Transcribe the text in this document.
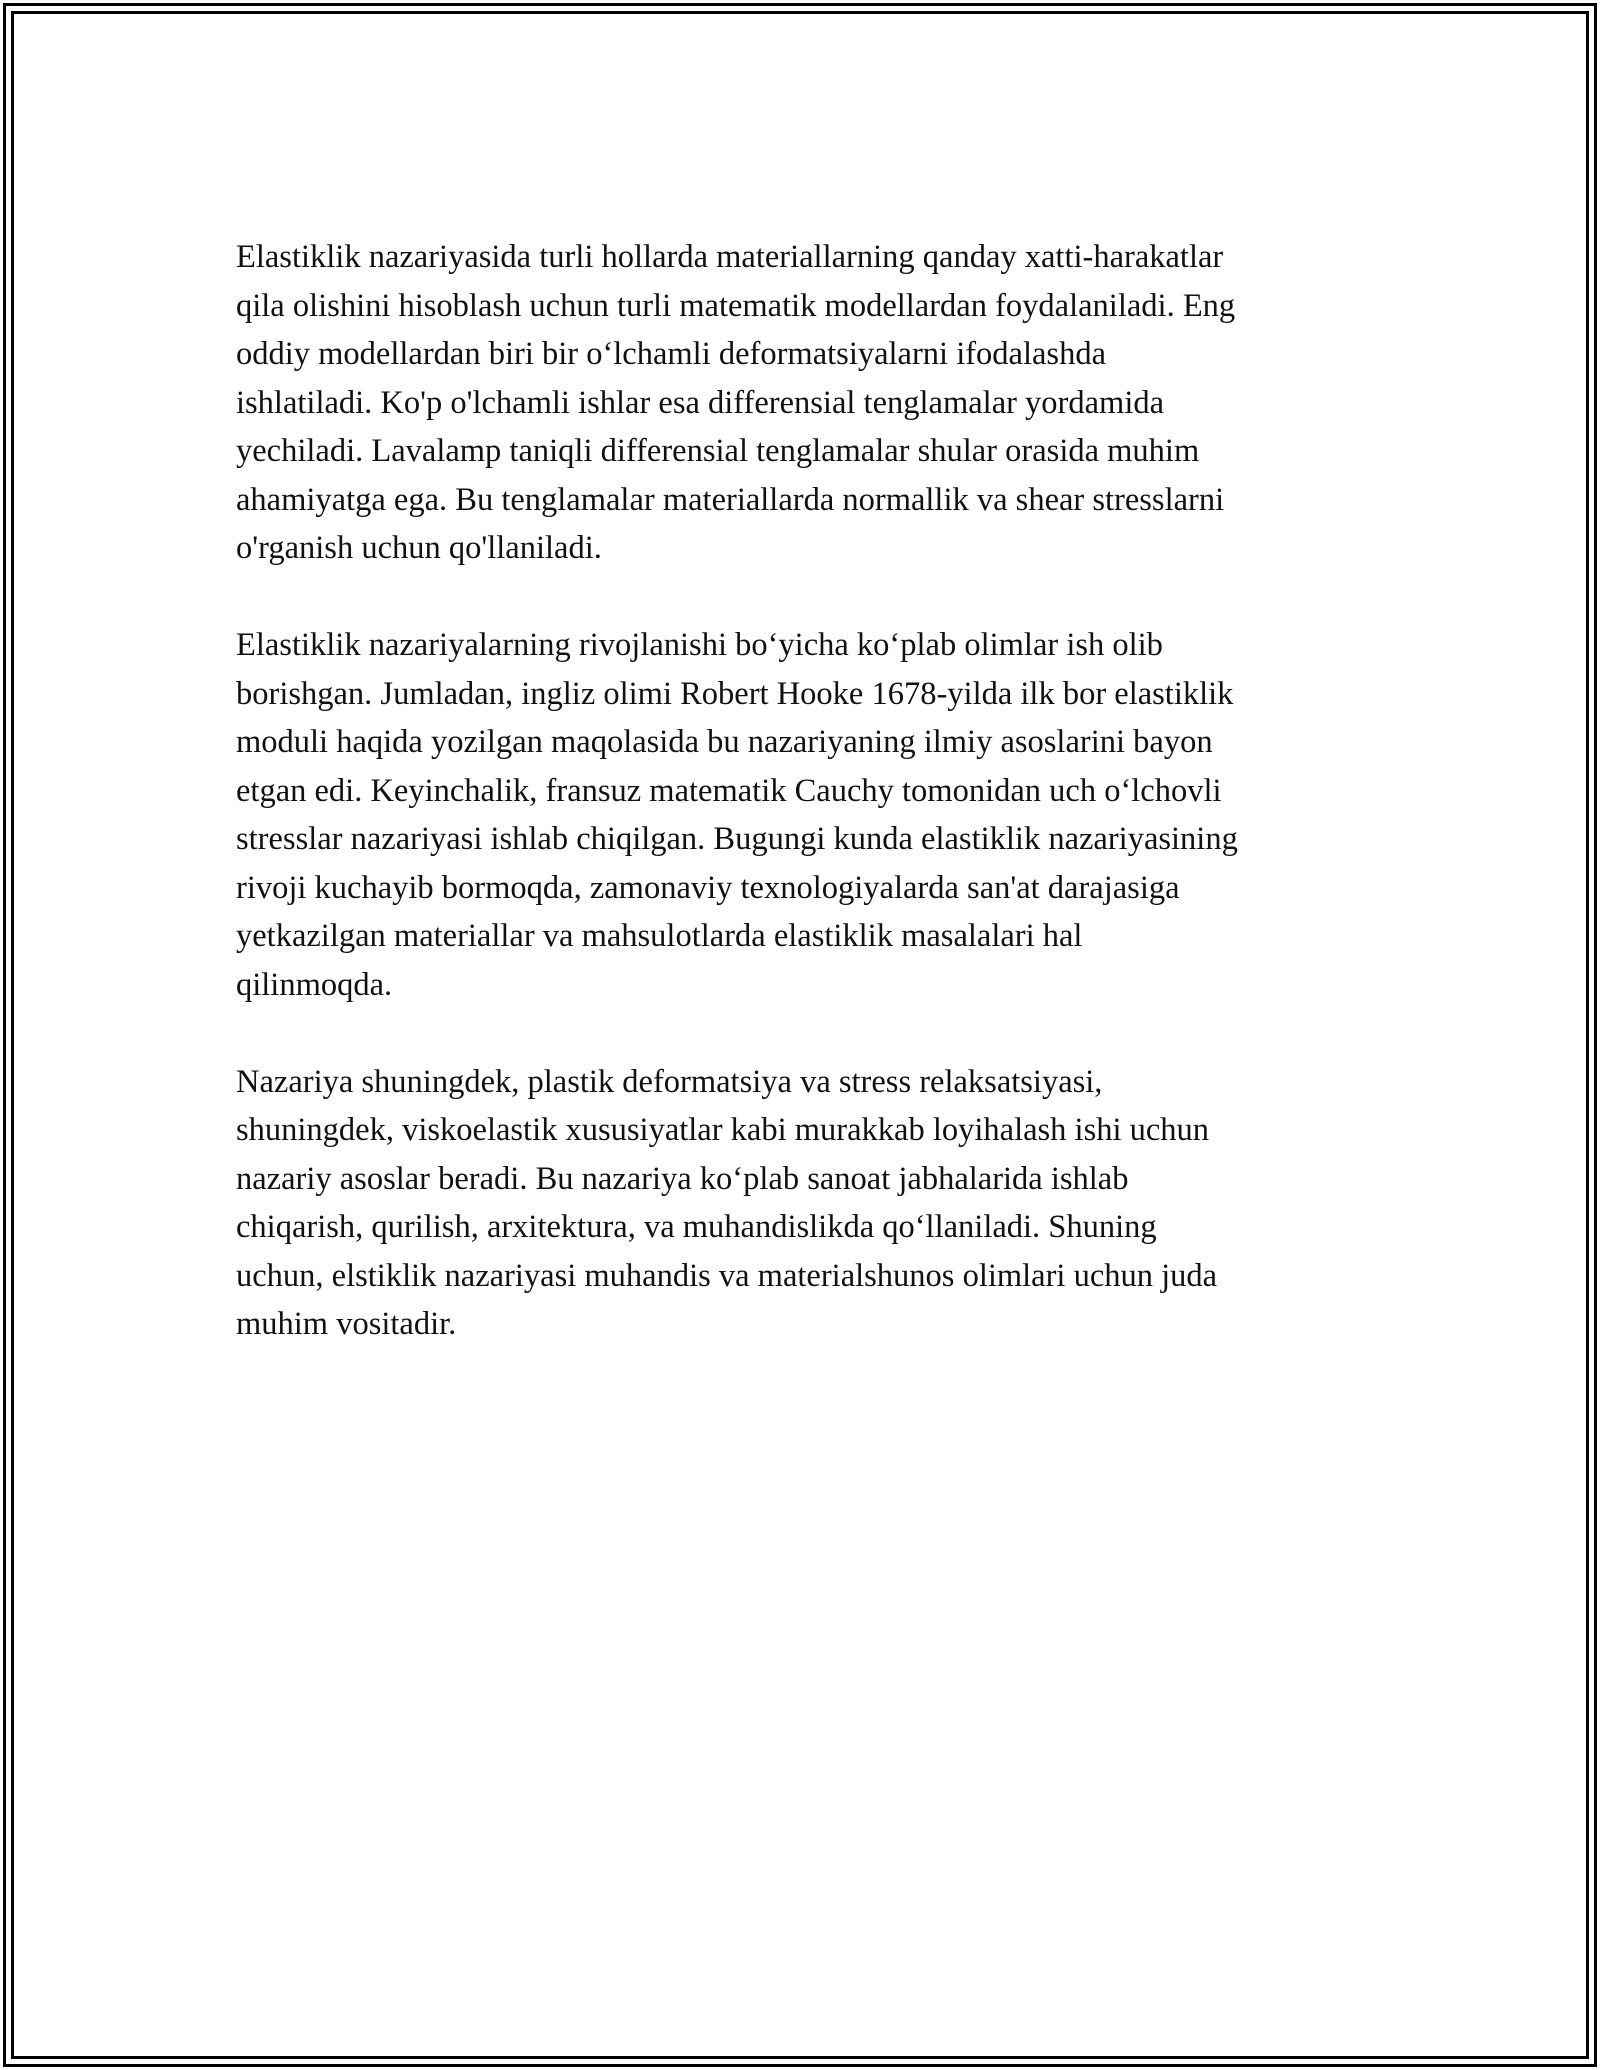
Elastiklik nazariyasida turli hollarda materiallarning qanday xatti-harakatlar
qila olishini hisoblash uchun turli matematik modellardan foydalaniladi. Eng
oddiy modellardan biri bir o‘lchamli deformatsiyalarni ifodalashda
ishlatiladi. Ko'p o'lchamli ishlar esa differensial tenglamalar yordamida
yechiladi. Lavalamp taniqli differensial tenglamalar shular orasida muhim
ahamiyatga ega. Bu tenglamalar materiallarda normallik va shear stresslarni
o'rganish uchun qo'llaniladi.

Elastiklik nazariyalarning rivojlanishi bo‘yicha ko‘plab olimlar ish olib
borishgan. Jumladan, ingliz olimi Robert Hooke 1678-yilda ilk bor elastiklik
moduli haqida yozilgan maqolasida bu nazariyaning ilmiy asoslarini bayon
etgan edi. Keyinchalik, fransuz matematik Cauchy tomonidan uch o‘lchovli
stresslar nazariyasi ishlab chiqilgan. Bugungi kunda elastiklik nazariyasining
rivoji kuchayib bormoqda, zamonaviy texnologiyalarda san'at darajasiga
yetkazilgan materiallar va mahsulotlarda elastiklik masalalari hal
qilinmoqda.

Nazariya shuningdek, plastik deformatsiya va stress relaksatsiyasi,
shuningdek, viskoelastik xususiyatlar kabi murakkab loyihalash ishi uchun
nazariy asoslar beradi. Bu nazariya ko‘plab sanoat jabhalarida ishlab
chiqarish, qurilish, arxitektura, va muhandislikda qo‘llaniladi. Shuning
uchun, elstiklik nazariyasi muhandis va materialshunos olimlari uchun juda
muhim vositadir.
